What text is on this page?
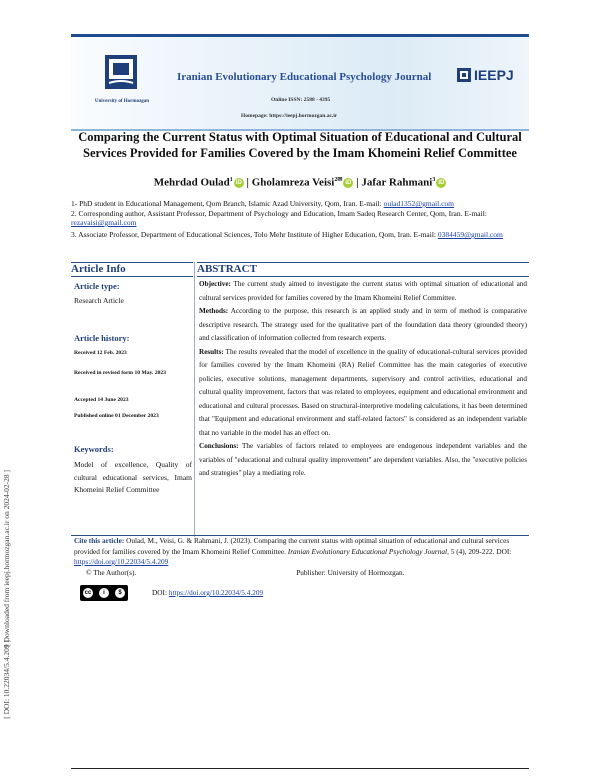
[ Downloaded from ieepj.hormozgan.ac.ir on 2024-02-28 ]
[ DOI: 10.22034/5.4.209 ]
University of Hormozgan
Iranian Evolutionary Educational Psychology Journal	IEEPJ
Online ISSN: 2588 - 4395
Homepage: https://ieepj.hormozgan.ac.ir
Comparing the Current Status with Optimal Situation of Educational and Cultural
Services Provided for Families Covered by the Imam Khomeini Relief Committee
Mehrdad Oulad$^1$iD | Gholamreza Veisi$^{2✉}$iD | Jafar Rahmani$^3$iD
1- PhD student in Educational Management, Qom Branch, Islamic Azad University, Qom, Iran. E-mail: oulad1352@gmail.com
2. Corresponding author, Assistant Professor, Department of Psychology and Education, Imam Sadeq Research Center, Qom, Iran. E-mail: rezavaisi@gmail.com
3. Associate Professor, Department of Educational Sciences, Tolo Mehr Institute of Higher Education, Qom, Iran. E-mail: 0384459@gmail.com
Article Info	ABSTRACT
Article type:
Research Article
Article history:
Received 12 Feb. 2023
Received in revised form 10 May. 2023
Accepted 14 June 2023
Published online 01 December 2023
Keywords:
Model of excellence, Quality of cultural educational services, Imam Khomeini Relief Committee
Objective: The current study aimed to investigate the current status with optimal situation of educational and cultural services provided for families covered by the Imam Khomeini Relief Committee.
Methods: According to the purpose, this research is an applied study and in term of method is comparative descriptive research. The strategy used for the qualitative part of the foundation data theory (grounded theory) and classification of information collected from research experts.
Results: The results revealed that the model of excellence in the quality of educational-cultural services provided for families covered by the Imam Khomeini (RA) Relief Committee has the main categories of executive policies, executive solutions, management departments, supervisory and control activities, educational and cultural quality improvement, factors that was related to employees, equipment and educational environment and educational and cultural processes. Based on structural-interpretive modeling calculations, it has been determined that "Equipment and educational environment and staff-related factors" is considered as an independent variable that no variable in the model has an effect on.
Conclusions: The variables of factors related to employees are endogenous independent variables and the variables of "educational and cultural quality improvement" are dependent variables. Also, the "executive policies and strategies" play a mediating role.
Cite this article: Oulad, M., Veisi, G. & Rahmani, J. (2023). Comparing the current status with optimal situation of educational and cultural services provided for families covered by the Imam Khomeini Relief Committee. Iranian Evolutionary Educational Psychology Journal, 5 (4), 209-222. DOI: https://doi.org/10.22034/5.4.209
© The Author(s).	Publisher: University of Hormozgan.
cc	i	$	DOI: https://doi.org/10.22034/5.4.209
